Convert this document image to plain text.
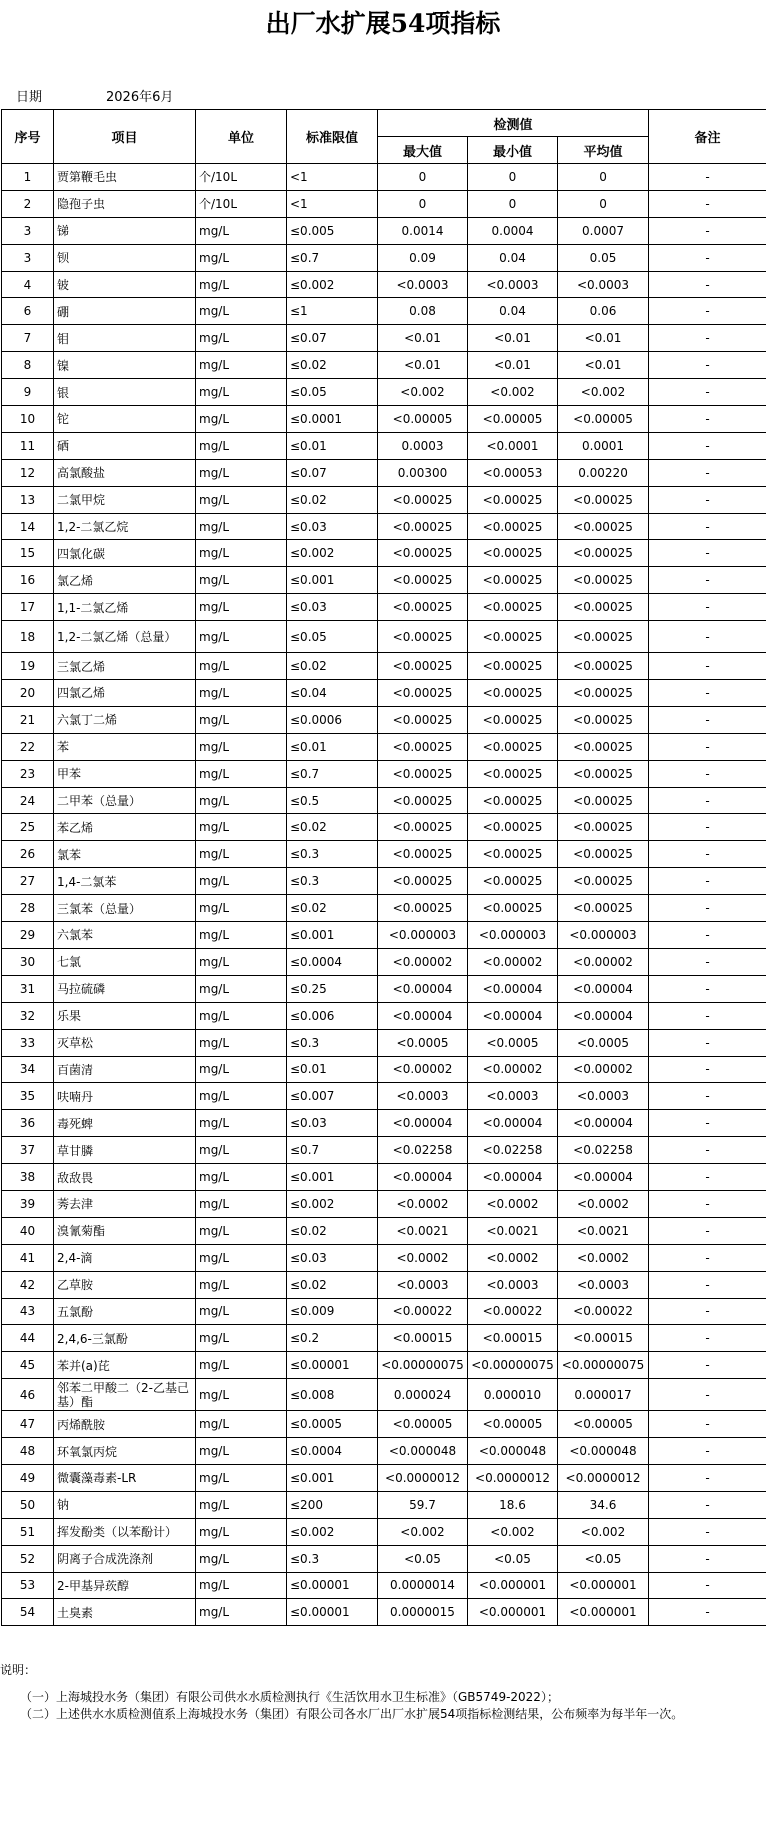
出厂水扩展54项指标
日期	2026年6月
序号	项目	单位	标准限值	检测值			备注
				最大值	最小值	平均值	
1	贾第鞭毛虫	个/10L	<1	0	0	0	-
2	隐孢子虫	个/10L	<1	0	0	0	-
3	锑	mg/L	≤0.005	0.0014	0.0004	0.0007	-
3	钡	mg/L	≤0.7	0.09	0.04	0.05	-
4	铍	mg/L	≤0.002	<0.0003	<0.0003	<0.0003	-
6	硼	mg/L	≤1	0.08	0.04	0.06	-
7	钼	mg/L	≤0.07	<0.01	<0.01	<0.01	-
8	镍	mg/L	≤0.02	<0.01	<0.01	<0.01	-
9	银	mg/L	≤0.05	<0.002	<0.002	<0.002	-
10	铊	mg/L	≤0.0001	<0.00005	<0.00005	<0.00005	-
11	硒	mg/L	≤0.01	0.0003	<0.0001	0.0001	-
12	高氯酸盐	mg/L	≤0.07	0.00300	<0.00053	0.00220	-
13	二氯甲烷	mg/L	≤0.02	<0.00025	<0.00025	<0.00025	-
14	1,2-二氯乙烷	mg/L	≤0.03	<0.00025	<0.00025	<0.00025	-
15	四氯化碳	mg/L	≤0.002	<0.00025	<0.00025	<0.00025	-
16	氯乙烯	mg/L	≤0.001	<0.00025	<0.00025	<0.00025	-
17	1,1-二氯乙烯	mg/L	≤0.03	<0.00025	<0.00025	<0.00025	-
18	1,2-二氯乙烯（总量）	mg/L	≤0.05	<0.00025	<0.00025	<0.00025	-
19	三氯乙烯	mg/L	≤0.02	<0.00025	<0.00025	<0.00025	-
20	四氯乙烯	mg/L	≤0.04	<0.00025	<0.00025	<0.00025	-
21	六氯丁二烯	mg/L	≤0.0006	<0.00025	<0.00025	<0.00025	-
22	苯	mg/L	≤0.01	<0.00025	<0.00025	<0.00025	-
23	甲苯	mg/L	≤0.7	<0.00025	<0.00025	<0.00025	-
24	二甲苯（总量）	mg/L	≤0.5	<0.00025	<0.00025	<0.00025	-
25	苯乙烯	mg/L	≤0.02	<0.00025	<0.00025	<0.00025	-
26	氯苯	mg/L	≤0.3	<0.00025	<0.00025	<0.00025	-
27	1,4-二氯苯	mg/L	≤0.3	<0.00025	<0.00025	<0.00025	-
28	三氯苯（总量）	mg/L	≤0.02	<0.00025	<0.00025	<0.00025	-
29	六氯苯	mg/L	≤0.001	<0.000003	<0.000003	<0.000003	-
30	七氯	mg/L	≤0.0004	<0.00002	<0.00002	<0.00002	-
31	马拉硫磷	mg/L	≤0.25	<0.00004	<0.00004	<0.00004	-
32	乐果	mg/L	≤0.006	<0.00004	<0.00004	<0.00004	-
33	灭草松	mg/L	≤0.3	<0.0005	<0.0005	<0.0005	-
34	百菌清	mg/L	≤0.01	<0.00002	<0.00002	<0.00002	-
35	呋喃丹	mg/L	≤0.007	<0.0003	<0.0003	<0.0003	-
36	毒死蜱	mg/L	≤0.03	<0.00004	<0.00004	<0.00004	-
37	草甘膦	mg/L	≤0.7	<0.02258	<0.02258	<0.02258	-
38	敌敌畏	mg/L	≤0.001	<0.00004	<0.00004	<0.00004	-
39	莠去津	mg/L	≤0.002	<0.0002	<0.0002	<0.0002	-
40	溴氰菊酯	mg/L	≤0.02	<0.0021	<0.0021	<0.0021	-
41	2,4-滴	mg/L	≤0.03	<0.0002	<0.0002	<0.0002	-
42	乙草胺	mg/L	≤0.02	<0.0003	<0.0003	<0.0003	-
43	五氯酚	mg/L	≤0.009	<0.00022	<0.00022	<0.00022	-
44	2,4,6-三氯酚	mg/L	≤0.2	<0.00015	<0.00015	<0.00015	-
45	苯并(a)芘	mg/L	≤0.00001	<0.00000075	<0.00000075	<0.00000075	-
46	邻苯二甲酸二（2-乙基己基）酯	mg/L	≤0.008	0.000024	0.000010	0.000017	-
47	丙烯酰胺	mg/L	≤0.0005	<0.00005	<0.00005	<0.00005	-
48	环氧氯丙烷	mg/L	≤0.0004	<0.000048	<0.000048	<0.000048	-
49	微囊藻毒素-LR	mg/L	≤0.001	<0.0000012	<0.0000012	<0.0000012	-
50	钠	mg/L	≤200	59.7	18.6	34.6	-
51	挥发酚类（以苯酚计）	mg/L	≤0.002	<0.002	<0.002	<0.002	-
52	阴离子合成洗涤剂	mg/L	≤0.3	<0.05	<0.05	<0.05	-
53	2-甲基异莰醇	mg/L	≤0.00001	0.0000014	<0.000001	<0.000001	-
54	土臭素	mg/L	≤0.00001	0.0000015	<0.000001	<0.000001	-
说明：
（一）上海城投水务（集团）有限公司供水水质检测执行《生活饮用水卫生标准》（GB5749-2022）；
（二）上述供水水质检测值系上海城投水务（集团）有限公司各水厂出厂水扩展54项指标检测结果，公布频率为每半年一次。
